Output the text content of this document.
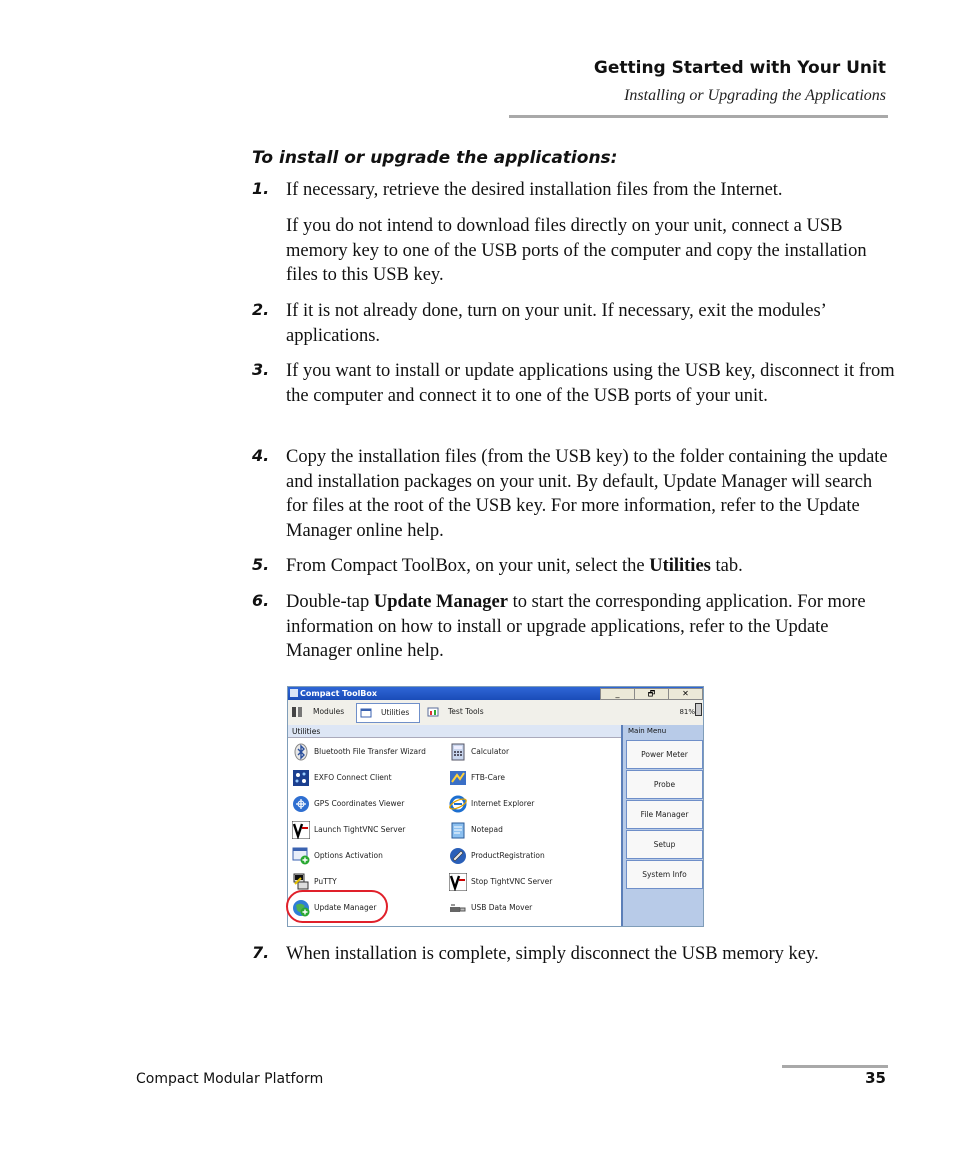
Getting Started with Your Unit
Installing or Upgrading the Applications
To install or upgrade the applications:
1. If necessary, retrieve the desired installation files from the Internet.
If you do not intend to download files directly on your unit, connect a USB memory key to one of the USB ports of the computer and copy the installation files to this USB key.
2. If it is not already done, turn on your unit. If necessary, exit the modules’ applications.
3. If you want to install or update applications using the USB key, disconnect it from the computer and connect it to one of the USB ports of your unit.
4. Copy the installation files (from the USB key) to the folder containing the update and installation packages on your unit. By default, Update Manager will search for files at the root of the USB key. For more information, refer to the Update Manager online help.
5. From Compact ToolBox, on your unit, select the Utilities tab.
6. Double-tap Update Manager to start the corresponding application. For more information on how to install or upgrade applications, refer to the Update Manager online help.
Compact ToolBox	_	🗗	✕
Modules	Utilities	Test Tools	81%
Utilities
Bluetooth File Transfer Wizard
EXFO Connect Client
GPS Coordinates Viewer
Launch TightVNC Server
Options Activation
PuTTY
Update Manager
Calculator
FTB-Care
Internet Explorer
Notepad
ProductRegistration
Stop TightVNC Server
USB Data Mover
Main Menu
Power Meter
Probe
File Manager
Setup
System Info
7. When installation is complete, simply disconnect the USB memory key.
Compact Modular Platform	35
